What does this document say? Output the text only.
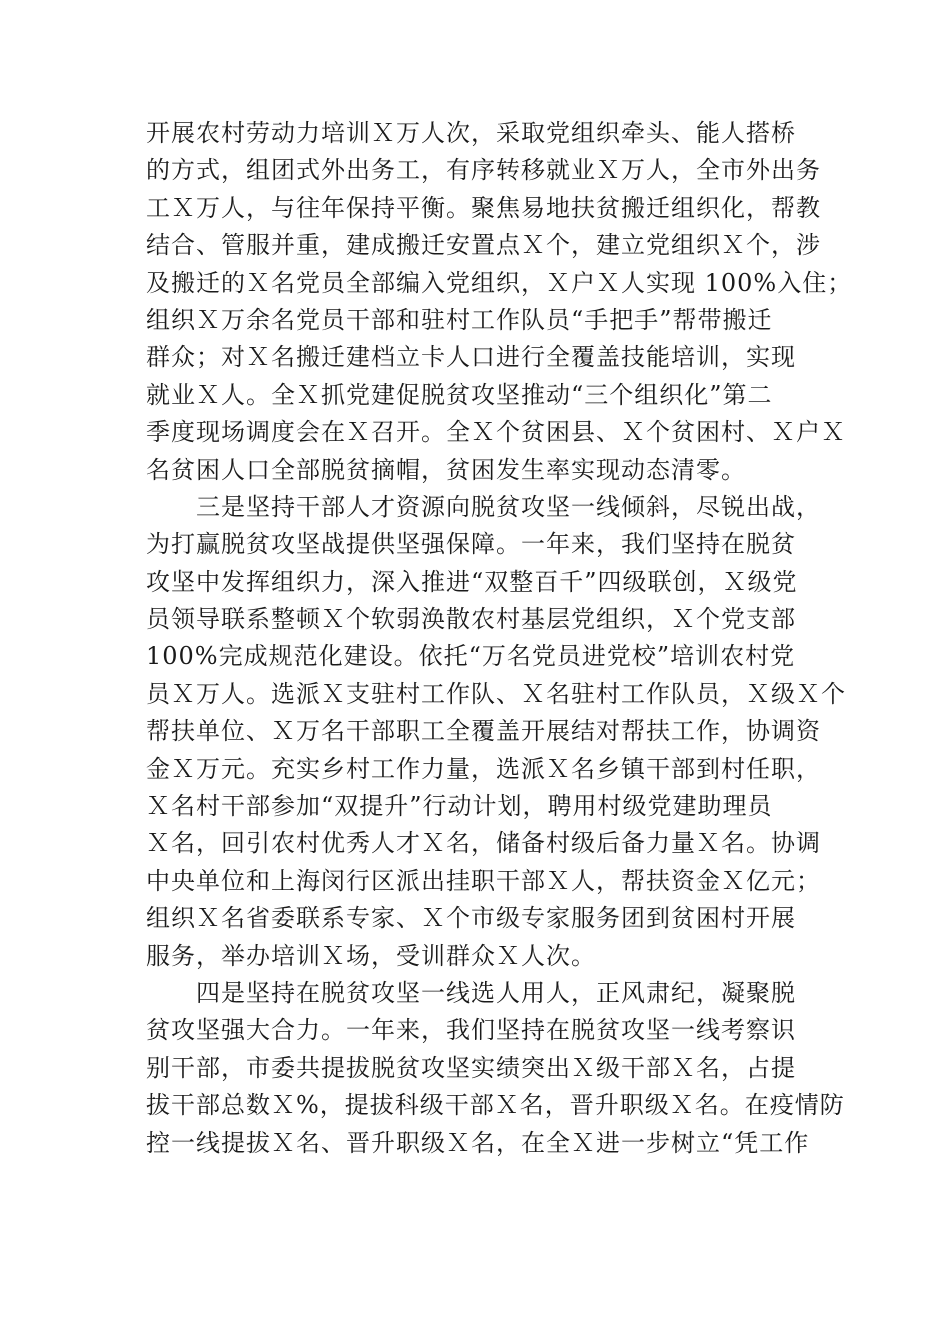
开展农村劳动力培训Ｘ万人次，采取党组织牵头、能人搭桥
的方式，组团式外出务工，有序转移就业Ｘ万人，全市外出务
工Ｘ万人，与往年保持平衡。聚焦易地扶贫搬迁组织化，帮教
结合、管服并重，建成搬迁安置点Ｘ个，建立党组织Ｘ个，涉
及搬迁的Ｘ名党员全部编入党组织，Ｘ户Ｘ人实现 100%入住；
组织Ｘ万余名党员干部和驻村工作队员“手把手”帮带搬迁
群众；对Ｘ名搬迁建档立卡人口进行全覆盖技能培训，实现
就业Ｘ人。全Ｘ抓党建促脱贫攻坚推动“三个组织化”第二
季度现场调度会在Ｘ召开。全Ｘ个贫困县、Ｘ个贫困村、Ｘ户Ｘ
名贫困人口全部脱贫摘帽，贫困发生率实现动态清零。
　　三是坚持干部人才资源向脱贫攻坚一线倾斜，尽锐出战，
为打赢脱贫攻坚战提供坚强保障。一年来，我们坚持在脱贫
攻坚中发挥组织力，深入推进“双整百千”四级联创，Ｘ级党
员领导联系整顿Ｘ个软弱涣散农村基层党组织，Ｘ个党支部
100%完成规范化建设。依托“万名党员进党校”培训农村党
员Ｘ万人。选派Ｘ支驻村工作队、Ｘ名驻村工作队员，Ｘ级Ｘ个
帮扶单位、Ｘ万名干部职工全覆盖开展结对帮扶工作，协调资
金Ｘ万元。充实乡村工作力量，选派Ｘ名乡镇干部到村任职，
Ｘ名村干部参加“双提升”行动计划，聘用村级党建助理员
Ｘ名，回引农村优秀人才Ｘ名，储备村级后备力量Ｘ名。协调
中央单位和上海闵行区派出挂职干部Ｘ人，帮扶资金Ｘ亿元；
组织Ｘ名省委联系专家、Ｘ个市级专家服务团到贫困村开展
服务，举办培训Ｘ场，受训群众Ｘ人次。
　　四是坚持在脱贫攻坚一线选人用人，正风肃纪，凝聚脱
贫攻坚强大合力。一年来，我们坚持在脱贫攻坚一线考察识
别干部，市委共提拔脱贫攻坚实绩突出Ｘ级干部Ｘ名，占提
拔干部总数Ｘ%，提拔科级干部Ｘ名，晋升职级Ｘ名。在疫情防
控一线提拔Ｘ名、晋升职级Ｘ名，在全Ｘ进一步树立“凭工作
